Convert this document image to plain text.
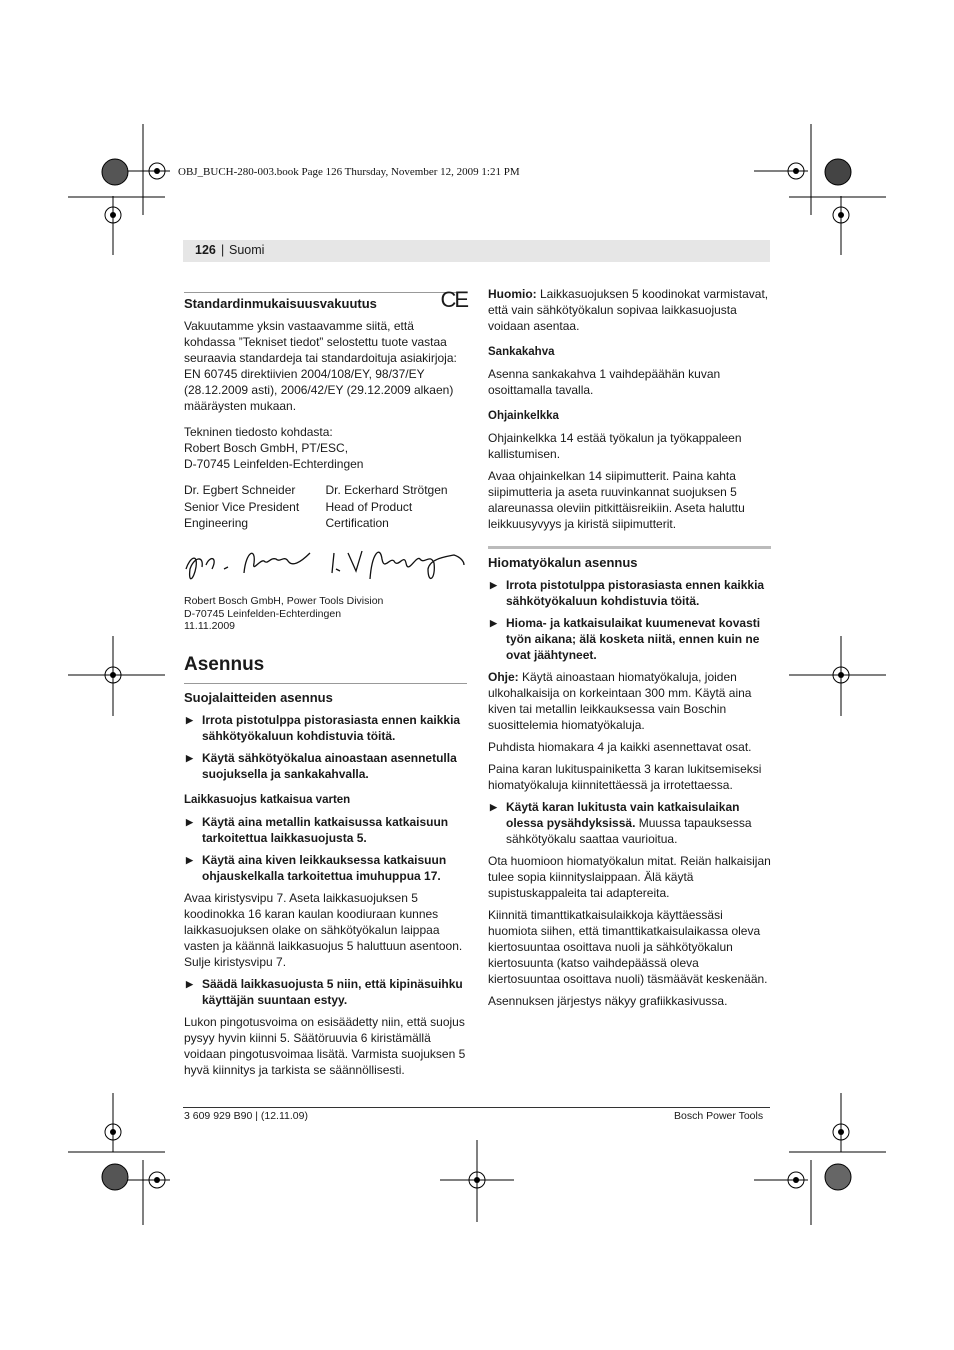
OBJ_BUCH-280-003.book Page 126 Thursday, November 12, 2009 1:21 PM
126 | Suomi
Standardinmukaisuusvakuutus	CE

Vakuutamme yksin vastaavamme siitä, että kohdassa ”Tekniset tiedot” selostettu tuote vastaa seuraavia standardeja tai standardoituja asiakirjoja: EN 60745 direktiivien 2004/108/EY, 98/37/EY (28.12.2009 asti), 2006/42/EY (29.12.2009 alkaen) määräysten mukaan.

Tekninen tiedosto kohdasta:
Robert Bosch GmbH, PT/ESC,
D-70745 Leinfelden-Echterdingen

Dr. Egbert Schneider

Senior Vice President
Engineering
Dr. Eckerhard Strötgen

Head of Product
Certification
Robert Bosch GmbH, Power Tools Division
D-70745 Leinfelden-Echterdingen
11.11.2009
Asennus
Suojalaitteiden asennus
▶ Irrota pistotulppa pistorasiasta ennen kaikkia sähkötyökaluun kohdistuvia töitä.
▶ Käytä sähkötyökalua ainoastaan asennetulla suojuksella ja sankakahvalla.
Laikkasuojus katkaisua varten
▶ Käytä aina metallin katkaisussa katkaisuun tarkoitettua laikkasuojusta 5.
▶ Käytä aina kiven leikkauksessa katkaisuun ohjauskelkalla tarkoitettua imuhuppua 17.

Avaa kiristysvipu 7. Aseta laikkasuojuksen 5 koodinokka 16 karan kaulan koodiuraan kunnes laikkasuojuksen olake on sähkötyökalun laippaa vasten ja käännä laikkasuojus 5 haluttuun asentoon. Sulje kiristysvipu 7.

▶ Säädä laikkasuojusta 5 niin, että kipinäsuihku käyttäjän suuntaan estyy.

Lukon pingotusvoima on esisäädetty niin, että suojus pysyy hyvin kiinni 5. Säätöruuvia 6 kiristämällä voidaan pingotusvoimaa lisätä. Varmista suojuksen 5 hyvä kiinnitys ja tarkista se säännöllisesti.

Huomio: Laikkasuojuksen 5 koodinokat varmistavat, että vain sähkötyökalun sopivaa laikkasuojusta voidaan asentaa.

Sankakahva

Asenna sankakahva 1 vaihdepäähän kuvan osoittamalla tavalla.

Ohjainkelkka

Ohjainkelkka 14 estää työkalun ja työkappaleen kallistumisen.

Avaa ohjainkelkan 14 siipimutterit. Paina kahta siipimutteria ja aseta ruuvinkannat suojuksen 5 alareunassa oleviin pitkittäisreikiin. Aseta haluttu leikkuusyvyys ja kiristä siipimutterit.

Hiomatyökalun asennus
▶ Irrota pistotulppa pistorasiasta ennen kaikkia sähkötyökaluun kohdistuvia töitä.
▶ Hioma- ja katkaisulaikat kuumenevat kovasti työn aikana; älä kosketa niitä, ennen kuin ne ovat jäähtyneet.

Ohje: Käytä ainoastaan hiomatyökaluja, joiden ulkohalkaisija on korkeintaan 300 mm. Käytä aina kiven tai metallin leikkauksessa vain Boschin suosittelemia hiomatyökaluja.

Puhdista hiomakara 4 ja kaikki asennettavat osat.

Paina karan lukituspainiketta 3 karan lukitsemiseksi hiomatyökaluja kiinnitettäessä ja irrotettaessa.

▶ Käytä karan lukitusta vain katkaisulaikan olessa pysähdyksissä. Muussa tapauksessa sähkötyökalu saattaa vaurioitua.

Ota huomioon hiomatyökalun mitat. Reiän halkaisijan tulee sopia kiinnityslaippaan. Älä käytä supistuskappaleita tai adaptereita.

Kiinnitä timanttikatkaisulaikkoja käyttäessäsi huomiota siihen, että timanttikatkaisulaikassa oleva kiertosuuntaa osoittava nuoli ja sähkötyökalun kiertosuunta (katso vaihdepäässä oleva kiertosuuntaa osoittava nuoli) täsmäävät keskenään.

Asennuksen järjestys näkyy grafiikkasivussa.

3 609 929 B90 | (12.11.09)	Bosch Power Tools
